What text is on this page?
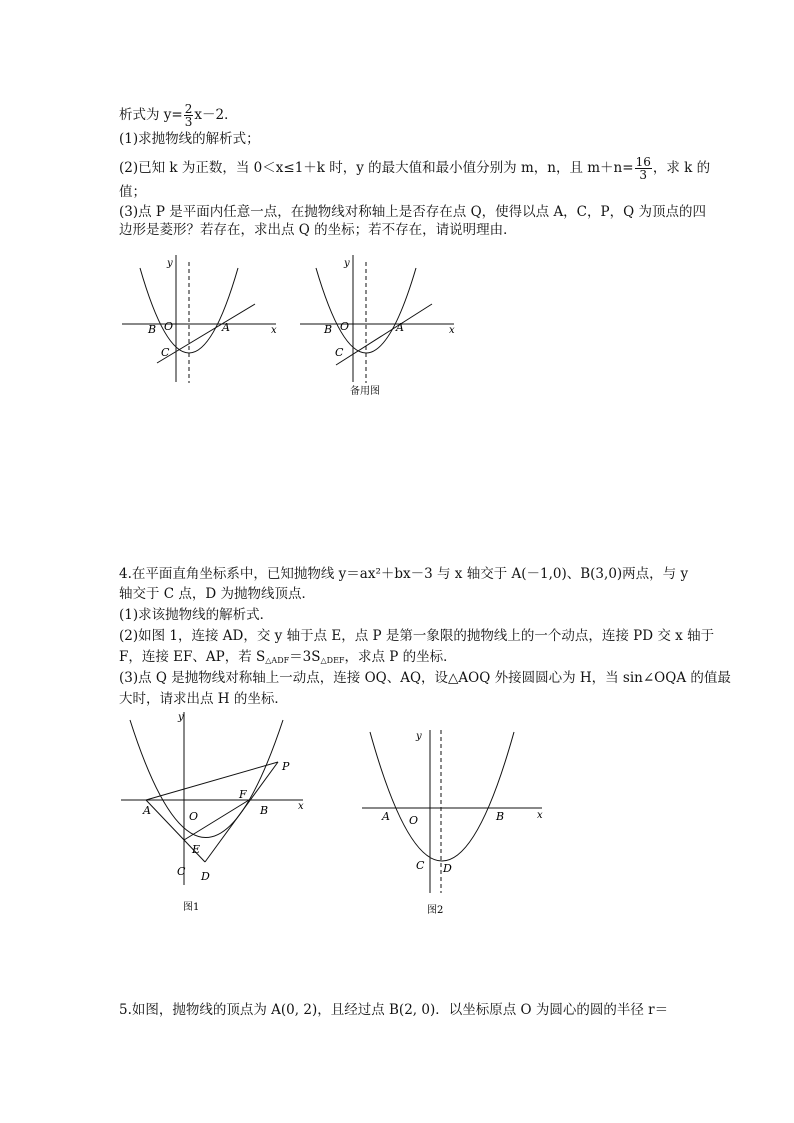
析式为 $y= \frac{2}{3} x-2$．
(1)求抛物线的解析式；
(2)已知 k 为正数，当 0＜x≤1＋k 时，y 的最大值和最小值分别为 m，n，且 $m+n= \frac{16}{3}$ ，求 k 的
值；
(3)点 P 是平面内任意一点，在抛物线对称轴上是否存在点 Q，使得以点 A，C，P，Q 为顶点的四
边形是菱形？若存在，求出点 Q 的坐标；若不存在，请说明理由．
x
y
B O	A
C
x
y
B O	A
C
备用图
4.在平面直角坐标系中，已知抛物线 y＝ax²＋bx－3 与 x 轴交于 A(－1,0)、B(3,0)两点，与 y
轴交于 C 点，D 为抛物线顶点．
(1)求该抛物线的解析式．
(2)如图 1，连接 AD，交 y 轴于点 E，点 P 是第一象限的抛物线上的一个动点，连接 PD 交 x 轴于
F，连接 EF、AP，若 $S_{\triangle ADF}=3S_{\triangle DEF}$，求点 P 的坐标．
(3)点 Q 是抛物线对称轴上一动点，连接 OQ、AQ，设△AOQ 外接圆圆心为 H，当 sin∠OQA 的值最
大时，请求出点 H 的坐标．
x
y
A	O
F
B
P
E
C D
图1
x
y
A O	B
C D
图2
5.如图，抛物线的顶点为 A(0, 2)，且经过点 B(2, 0)．以坐标原点 O 为圆心的圆的半径 r＝
